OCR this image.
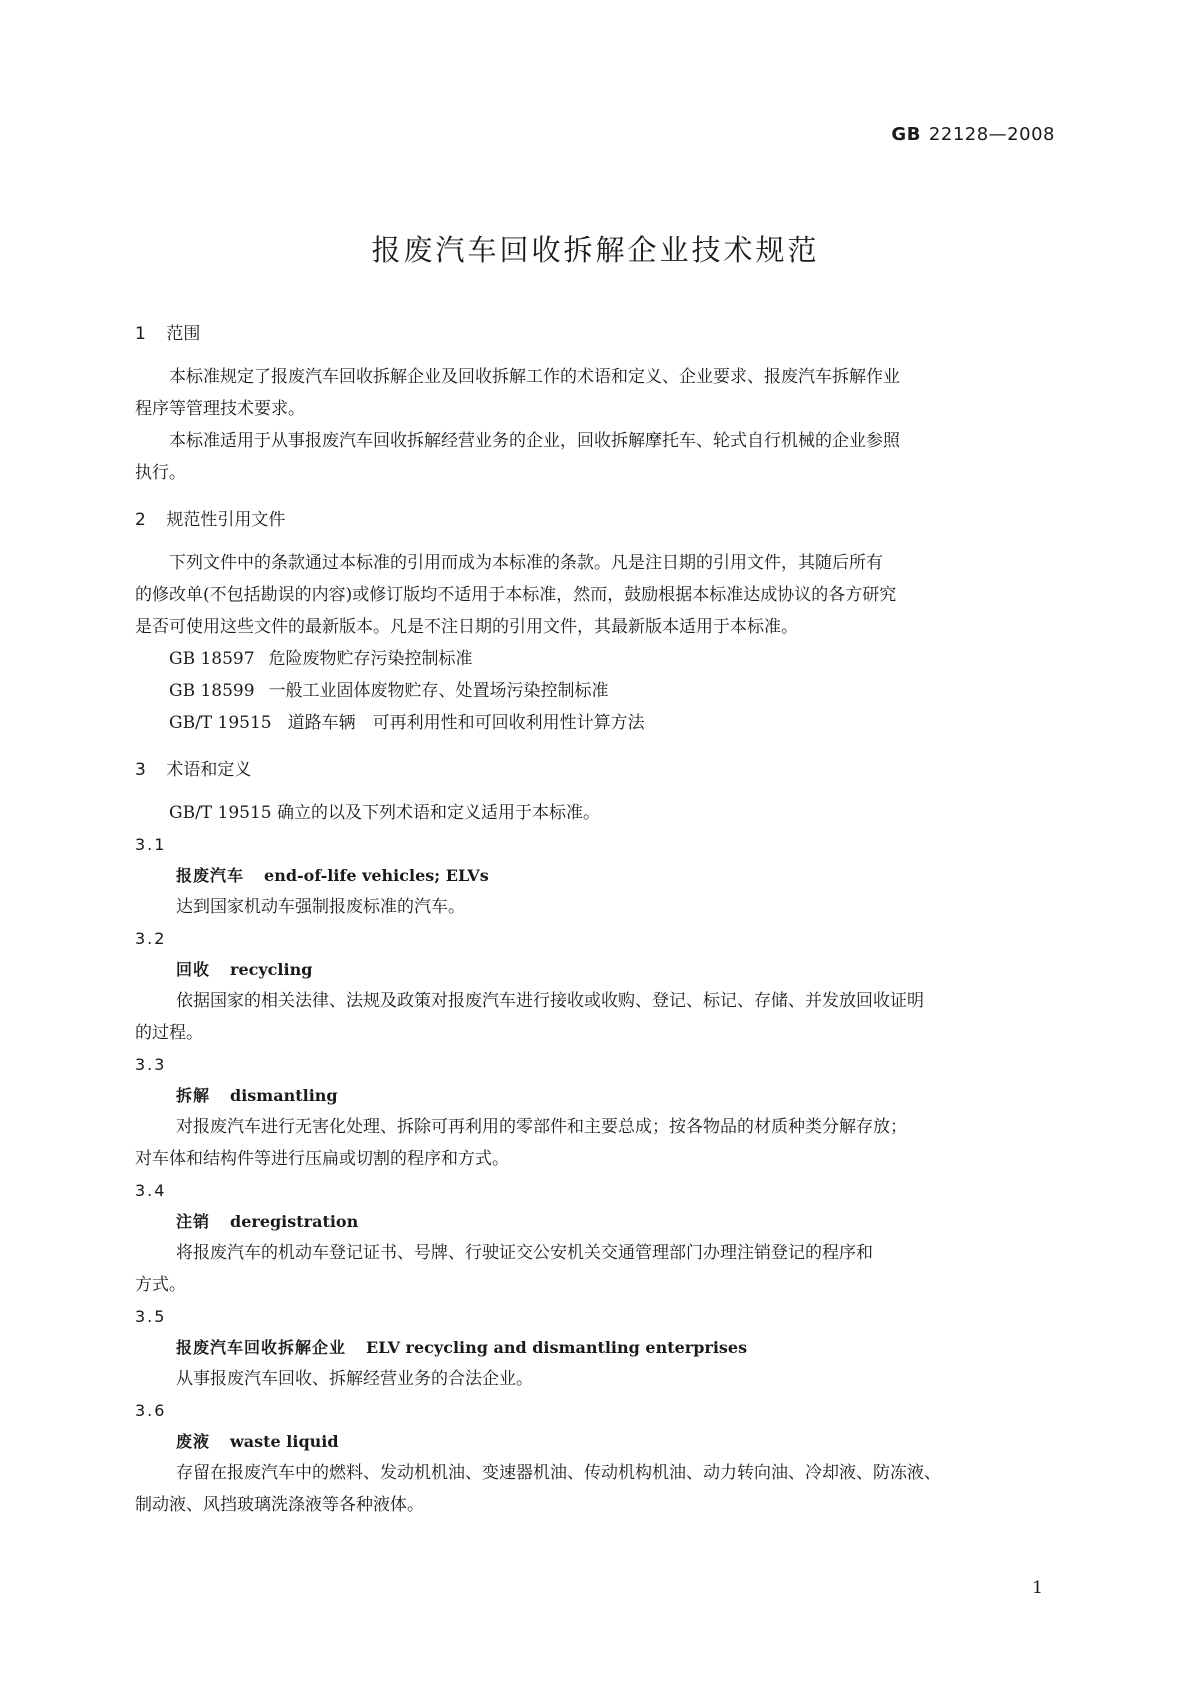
GB 22128—2008
报废汽车回收拆解企业技术规范
1 范围
本标准规定了报废汽车回收拆解企业及回收拆解工作的术语和定义、企业要求、报废汽车拆解作业
程序等管理技术要求。
本标准适用于从事报废汽车回收拆解经营业务的企业，回收拆解摩托车、轮式自行机械的企业参照
执行。
2 规范性引用文件
下列文件中的条款通过本标准的引用而成为本标准的条款。凡是注日期的引用文件，其随后所有
的修改单(不包括勘误的内容)或修订版均不适用于本标准，然而，鼓励根据本标准达成协议的各方研究
是否可使用这些文件的最新版本。凡是不注日期的引用文件，其最新版本适用于本标准。
GB 18597 危险废物贮存污染控制标准
GB 18599 一般工业固体废物贮存、处置场污染控制标准
GB/T 19515 道路车辆　可再利用性和可回收利用性计算方法
3 术语和定义
GB/T 19515 确立的以及下列术语和定义适用于本标准。
3.1
报废汽车 end-of-life vehicles; ELVs
达到国家机动车强制报废标准的汽车。
3.2
回收 recycling
依据国家的相关法律、法规及政策对报废汽车进行接收或收购、登记、标记、存储、并发放回收证明
的过程。
3.3
拆解 dismantling
对报废汽车进行无害化处理、拆除可再利用的零部件和主要总成；按各物品的材质种类分解存放；
对车体和结构件等进行压扁或切割的程序和方式。
3.4
注销 deregistration
将报废汽车的机动车登记证书、号牌、行驶证交公安机关交通管理部门办理注销登记的程序和
方式。
3.5
报废汽车回收拆解企业 ELV recycling and dismantling enterprises
从事报废汽车回收、拆解经营业务的合法企业。
3.6
废液 waste liquid
存留在报废汽车中的燃料、发动机机油、变速器机油、传动机构机油、动力转向油、冷却液、防冻液、
制动液、风挡玻璃洗涤液等各种液体。
1
